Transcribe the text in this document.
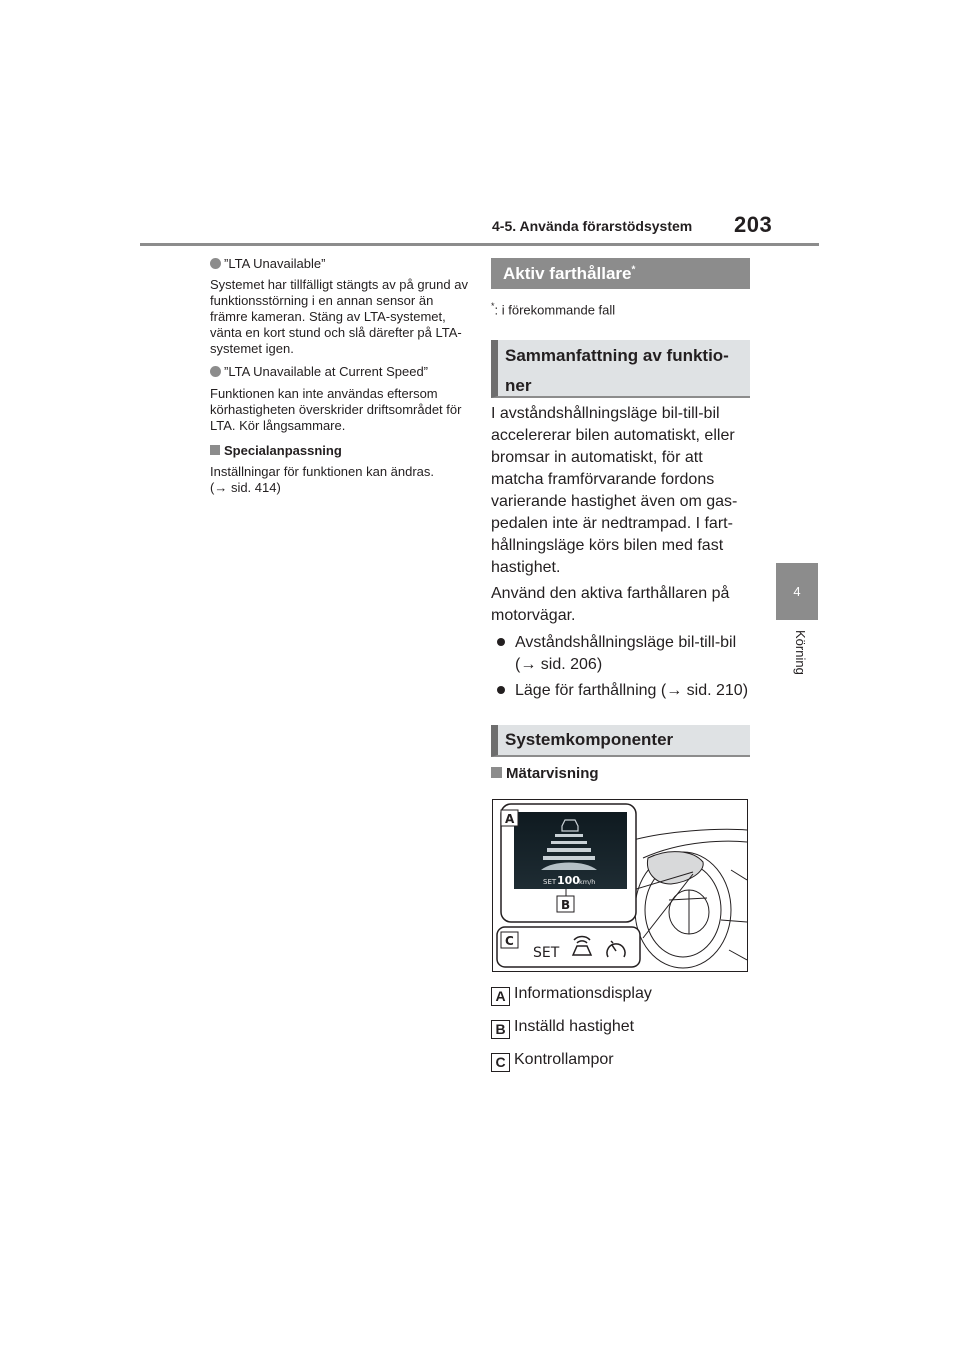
4-5. Använda förarstödsystem 203
4
Körning
”LTA Unavailable”
Systemet har tillfälligt stängts av på grund av funktionsstörning i en annan sensor än främre kameran. Stäng av LTA-systemet, vänta en kort stund och slå därefter på LTA-systemet igen.
”LTA Unavailable at Current Speed”
Funktionen kan inte användas eftersom körhastigheten överskrider driftsområdet för LTA. Kör långsammare.
Specialanpassning
Inställningar för funktionen kan ändras.
(→ sid. 414)
Aktiv farthållare*
*: i förekommande fall
Sammanfattning av funktio-
ner
I avståndshållningsläge bil-till-bil accelererar bilen automatiskt, eller bromsar in automatiskt, för att matcha framförvarande fordons varierande hastighet även om gas-pedalen inte är nedtrampad. I fart-hållningsläge körs bilen med fast hastighet.
Använd den aktiva farthållaren på motorvägar.
Avståndshållningsläge bil-till-bil
(→ sid. 206)
Läge för farthållning (→ sid. 210)
Systemkomponenter
Mätarvisning
SET 100 km/h
A
B
C
SET
A Informationsdisplay
B Inställd hastighet
C Kontrollampor
